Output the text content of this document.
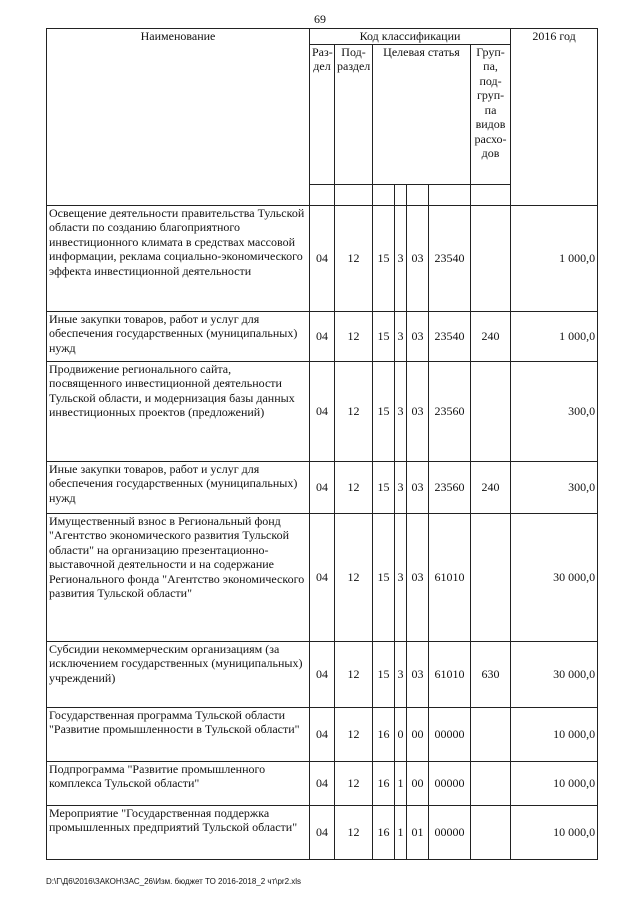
69
Наименование	Код классификации							2016 год
	Раз-дел	Под-раздел	Целевая статья				Груп-па, под-груп-па видов расхо-дов	

Освещение деятельности правительства Тульской области по созданию благоприятного инвестиционного климата в средствах массовой информации, реклама социально-экономического эффекта инвестиционной деятельности	04	12	15	3	03	23540		1 000,0
Иные закупки товаров, работ и услуг для обеспечения государственных (муниципальных) нужд	04	12	15	3	03	23540	240	1 000,0
Продвижение регионального сайта, посвященного инвестиционной деятельности Тульской области, и модернизация базы данных инвестиционных проектов (предложений)	04	12	15	3	03	23560		300,0
Иные закупки товаров, работ и услуг для обеспечения государственных (муниципальных) нужд	04	12	15	3	03	23560	240	300,0
Имущественный взнос в Региональный фонд "Агентство экономического развития Тульской области" на организацию презентационно-выставочной деятельности и на содержание Регионального фонда "Агентство экономического развития Тульской области"	04	12	15	3	03	61010		30 000,0
Субсидии некоммерческим организациям (за исключением государственных (муниципальных) учреждений)	04	12	15	3	03	61010	630	30 000,0
Государственная программа Тульской области "Развитие промышленности в Тульской области"	04	12	16	0	00	00000		10 000,0
Подпрограмма "Развитие промышленного комплекса Тульской области"	04	12	16	1	00	00000		10 000,0
Мероприятие "Государственная поддержка промышленных предприятий Тульской области"	04	12	16	1	01	00000		10 000,0
D:\Г\Д6\2016\ЗАКОН\ЗАС_26\Изм. бюджет ТО 2016-2018_2 чт\pr2.xls
